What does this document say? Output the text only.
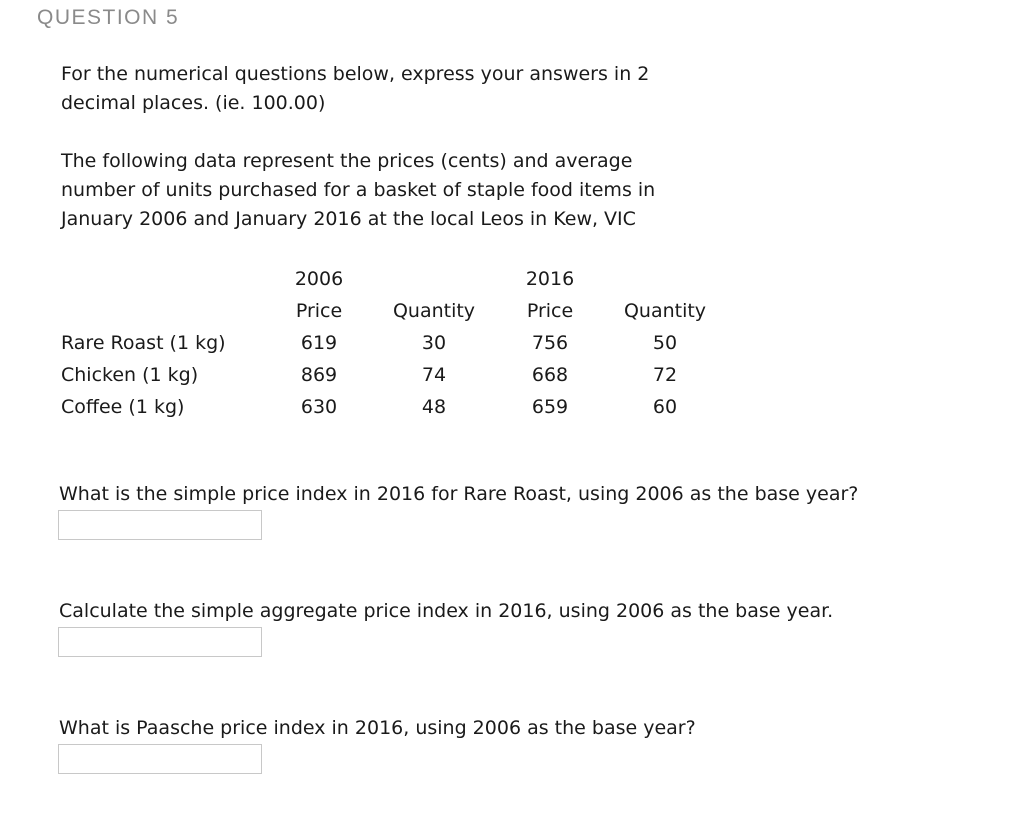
QUESTION 5
For the numerical questions below, express your answers in 2
decimal places. (ie. 100.00)
The following data represent the prices (cents) and average
number of units purchased for a basket of staple food items in
January 2006 and January 2016 at the local Leos in Kew, VIC
2006	2016
Price	Quantity	Price	Quantity
Rare Roast (1 kg)	619	30	756	50
Chicken (1 kg)	869	74	668	72
Coffee (1 kg)	630	48	659	60
What is the simple price index in 2016 for Rare Roast, using 2006 as the base year?
Calculate the simple aggregate price index in 2016, using 2006 as the base year.
What is Paasche price index in 2016, using 2006 as the base year?
